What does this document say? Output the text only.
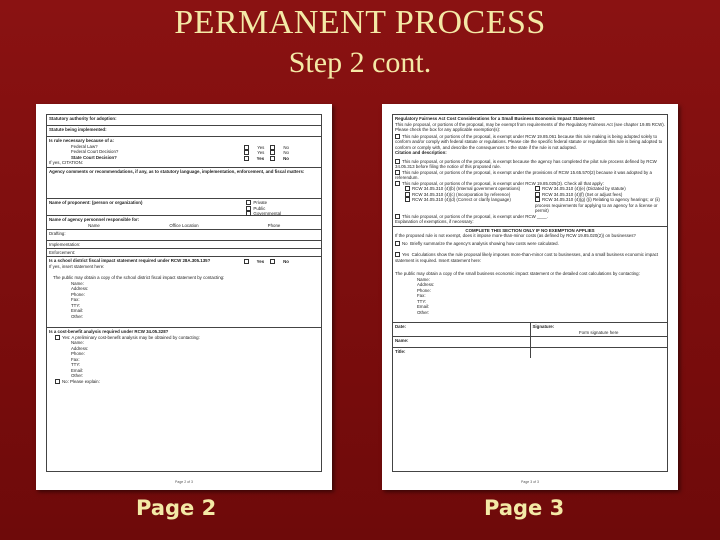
PERMANENT PROCESS
Step 2 cont.
Statutory authority for adoption:
Statute being implemented:
Is rule necessary because of a:
Federal Law?	Yes	No
Federal Court Decision?	Yes	No
State Court Decision?	Yes	No
If yes, CITATION:
Agency comments or recommendations, if any, as to statutory language, implementation, enforcement, and fiscal matters:
Name of proponent: (person or organization)	Private
Public
Governmental
Name of agency personnel responsible for:
Name	Office Location	Phone
Drafting:
Implementation:
Enforcement:
Is a school district fiscal impact statement required under RCW 28A.305.135?	Yes	No
If yes, insert statement here:
The public may obtain a copy of the school district fiscal impact statement by contacting:
Name:
Address:
Phone:
Fax:
TTY:
Email:
Other:
Is a cost-benefit analysis required under RCW 34.05.328?
Yes: A preliminary cost-benefit analysis may be obtained by contacting:
Name:
Address:
Phone:
Fax:
TTY:
Email:
Other:
No: Please explain:
Page 2 of 3
Regulatory Fairness Act Cost Considerations for a Small Business Economic Impact Statement:
This rule proposal, or portions of the proposal, may be exempt from requirements of the Regulatory Fairness Act (see chapter 19.85 RCW). Please check the box for any applicable exemption(s):
This rule proposal, or portions of the proposal, is exempt under RCW 19.85.061 because this rule making is being adopted solely to conform and/or comply with federal statute or regulations. Please cite the specific federal statute or regulation this rule is being adopted to conform or comply with, and describe the consequences to the state if the rule is not adopted.
Citation and description:
This rule proposal, or portions of the proposal, is exempt because the agency has completed the pilot rule process defined by RCW 34.05.313 before filing the notice of this proposed rule.
This rule proposal, or portions of the proposal, is exempt under the provisions of RCW 15.65.570(2) because it was adopted by a referendum.
This rule proposal, or portions of the proposal, is exempt under RCW 19.85.025(3). Check all that apply:
RCW 34.05.310 (4)(b) (Internal government operations)
RCW 34.05.310 (4)(c) (Incorporation by reference)
RCW 34.05.310 (4)(d) (Correct or clarify language)
RCW 34.05.310 (4)(e) (Dictated by statute)
RCW 34.05.310 (4)(f) (Set or adjust fees)
RCW 34.05.310 (4)(g) ((i) Relating to agency hearings; or (ii) process requirements for applying to an agency for a license or permit)
This rule proposal, or portions of the proposal, is exempt under RCW ____.
Explanation of exemptions, if necessary:
COMPLETE THIS SECTION ONLY IF NO EXEMPTION APPLIES
If the proposed rule is not exempt, does it impose more-than-minor costs (as defined by RCW 19.85.020(2)) on businesses?
No Briefly summarize the agency's analysis showing how costs were calculated.
Yes Calculations show the rule proposal likely imposes more-than-minor cost to businesses, and a small business economic impact statement is required. Insert statement here:
The public may obtain a copy of the small business economic impact statement or the detailed cost calculations by contacting:
Name:
Address:
Phone:
Fax:
TTY:
Email:
Other:
Date:	Signature:
Form signature here
Name:
Title:
Page 3 of 3
Page 2	Page 3
